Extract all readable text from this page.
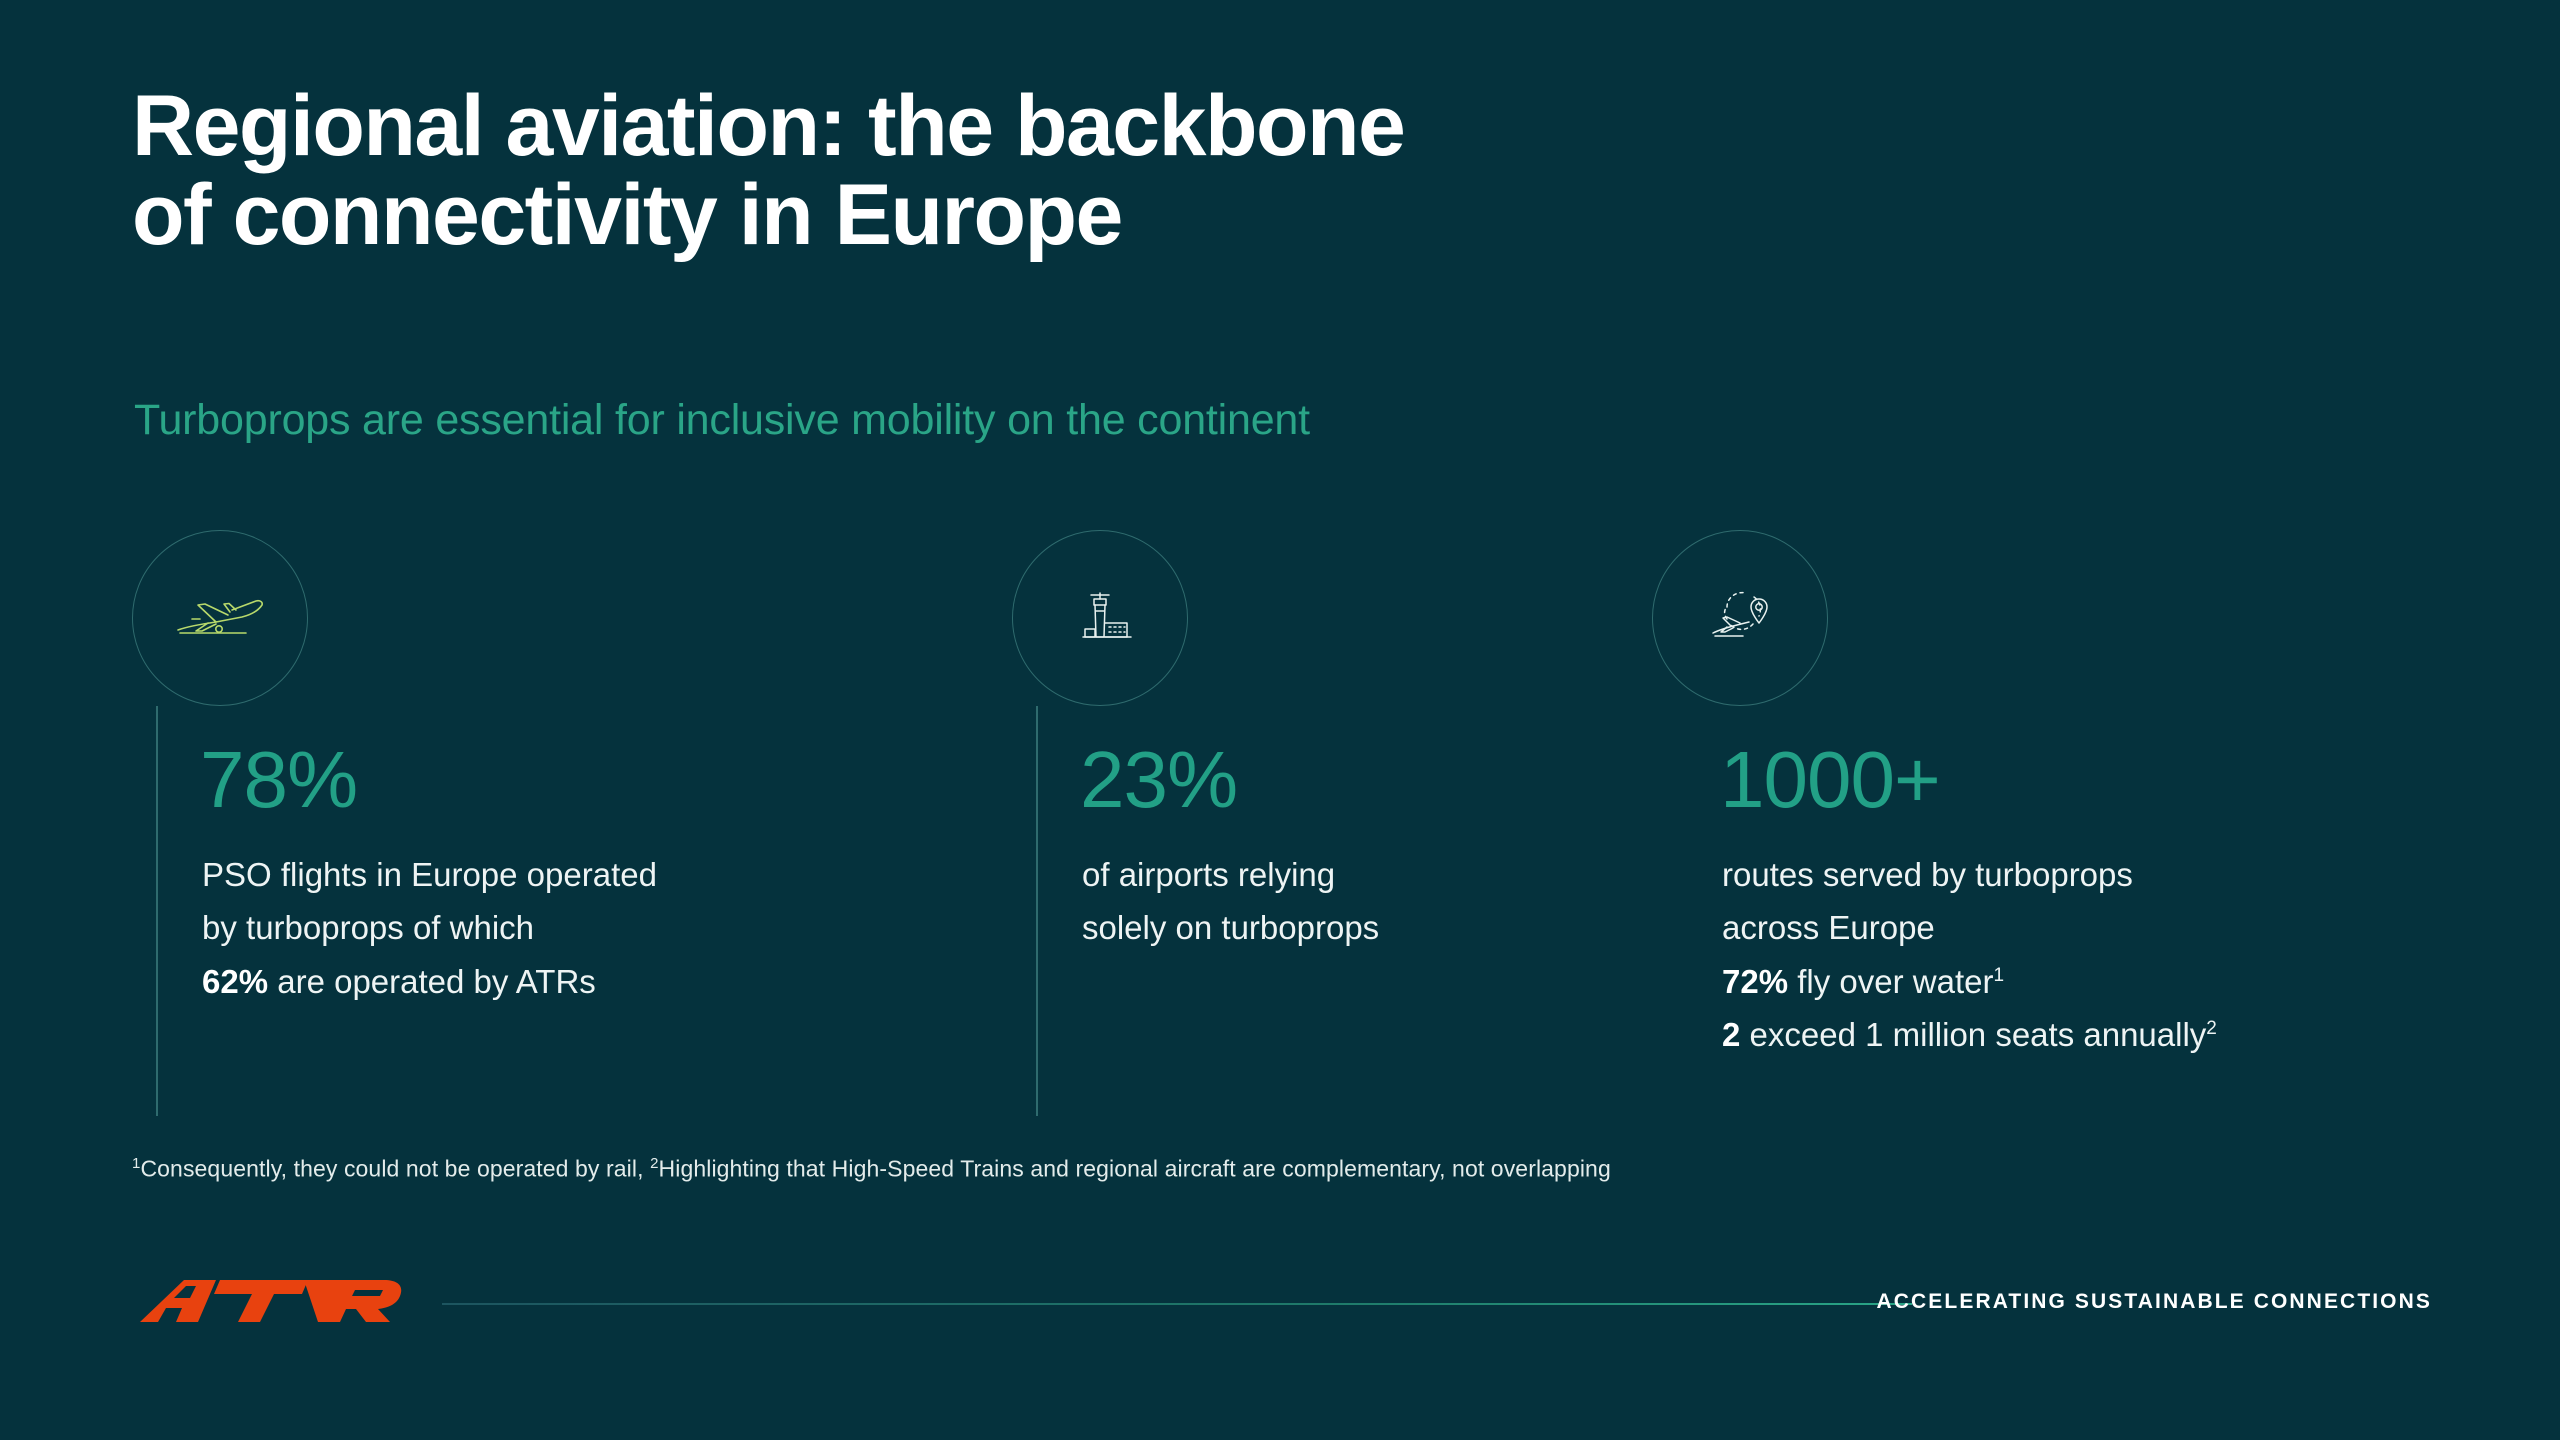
Regional aviation: the backbone
of connectivity in Europe
Turboprops are essential for inclusive mobility on the continent
78%
PSO flights in Europe operated
by turboprops of which
62% are operated by ATRs
23%
of airports relying
solely on turboprops
1000+
routes served by turboprops
across Europe
72% fly over water$^1$
2 exceed 1 million seats annually$^2$
$^1$Consequently, they could not be operated by rail, $^2$Highlighting that High-Speed Trains and regional aircraft are complementary, not overlapping
ACCELERATING SUSTAINABLE CONNECTIONS
